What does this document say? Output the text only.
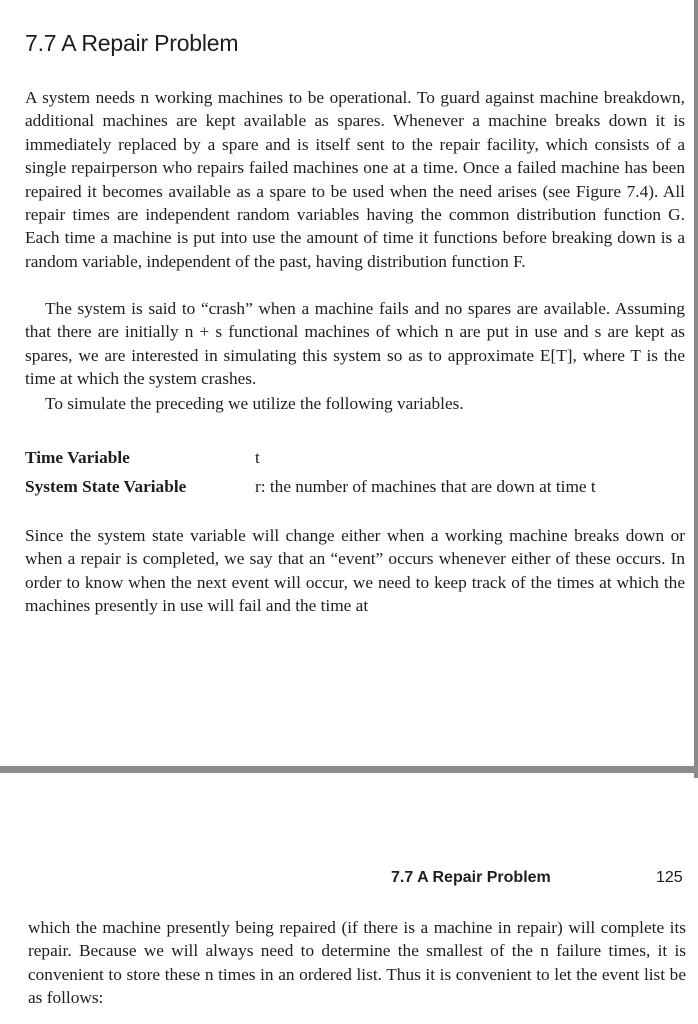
7.7 A Repair Problem

A system needs n working machines to be operational. To guard against machine breakdown, additional machines are kept available as spares. Whenever a machine breaks down it is immediately replaced by a spare and is itself sent to the repair facility, which consists of a single repairperson who repairs failed machines one at a time. Once a failed machine has been repaired it becomes available as a spare to be used when the need arises (see Figure 7.4). All repair times are independent random variables having the common distribution function G. Each time a machine is put into use the amount of time it functions before breaking down is a random variable, independent of the past, having distribution function F.

The system is said to “crash” when a machine fails and no spares are available. Assuming that there are initially n + s functional machines of which n are put in use and s are kept as spares, we are interested in simulating this system so as to approximate E[T], where T is the time at which the system crashes.

To simulate the preceding we utilize the following variables.

Time Variable	t
System State Variable	r: the number of machines that are down at time t

Since the system state variable will change either when a working machine breaks down or when a repair is completed, we say that an “event” occurs whenever either of these occurs. In order to know when the next event will occur, we need to keep track of the times at which the machines presently in use will fail and the time at

7.7 A Repair Problem	125

which the machine presently being repaired (if there is a machine in repair) will complete its repair. Because we will always need to determine the smallest of the n failure times, it is convenient to store these n times in an ordered list. Thus it is convenient to let the event list be as follows:
